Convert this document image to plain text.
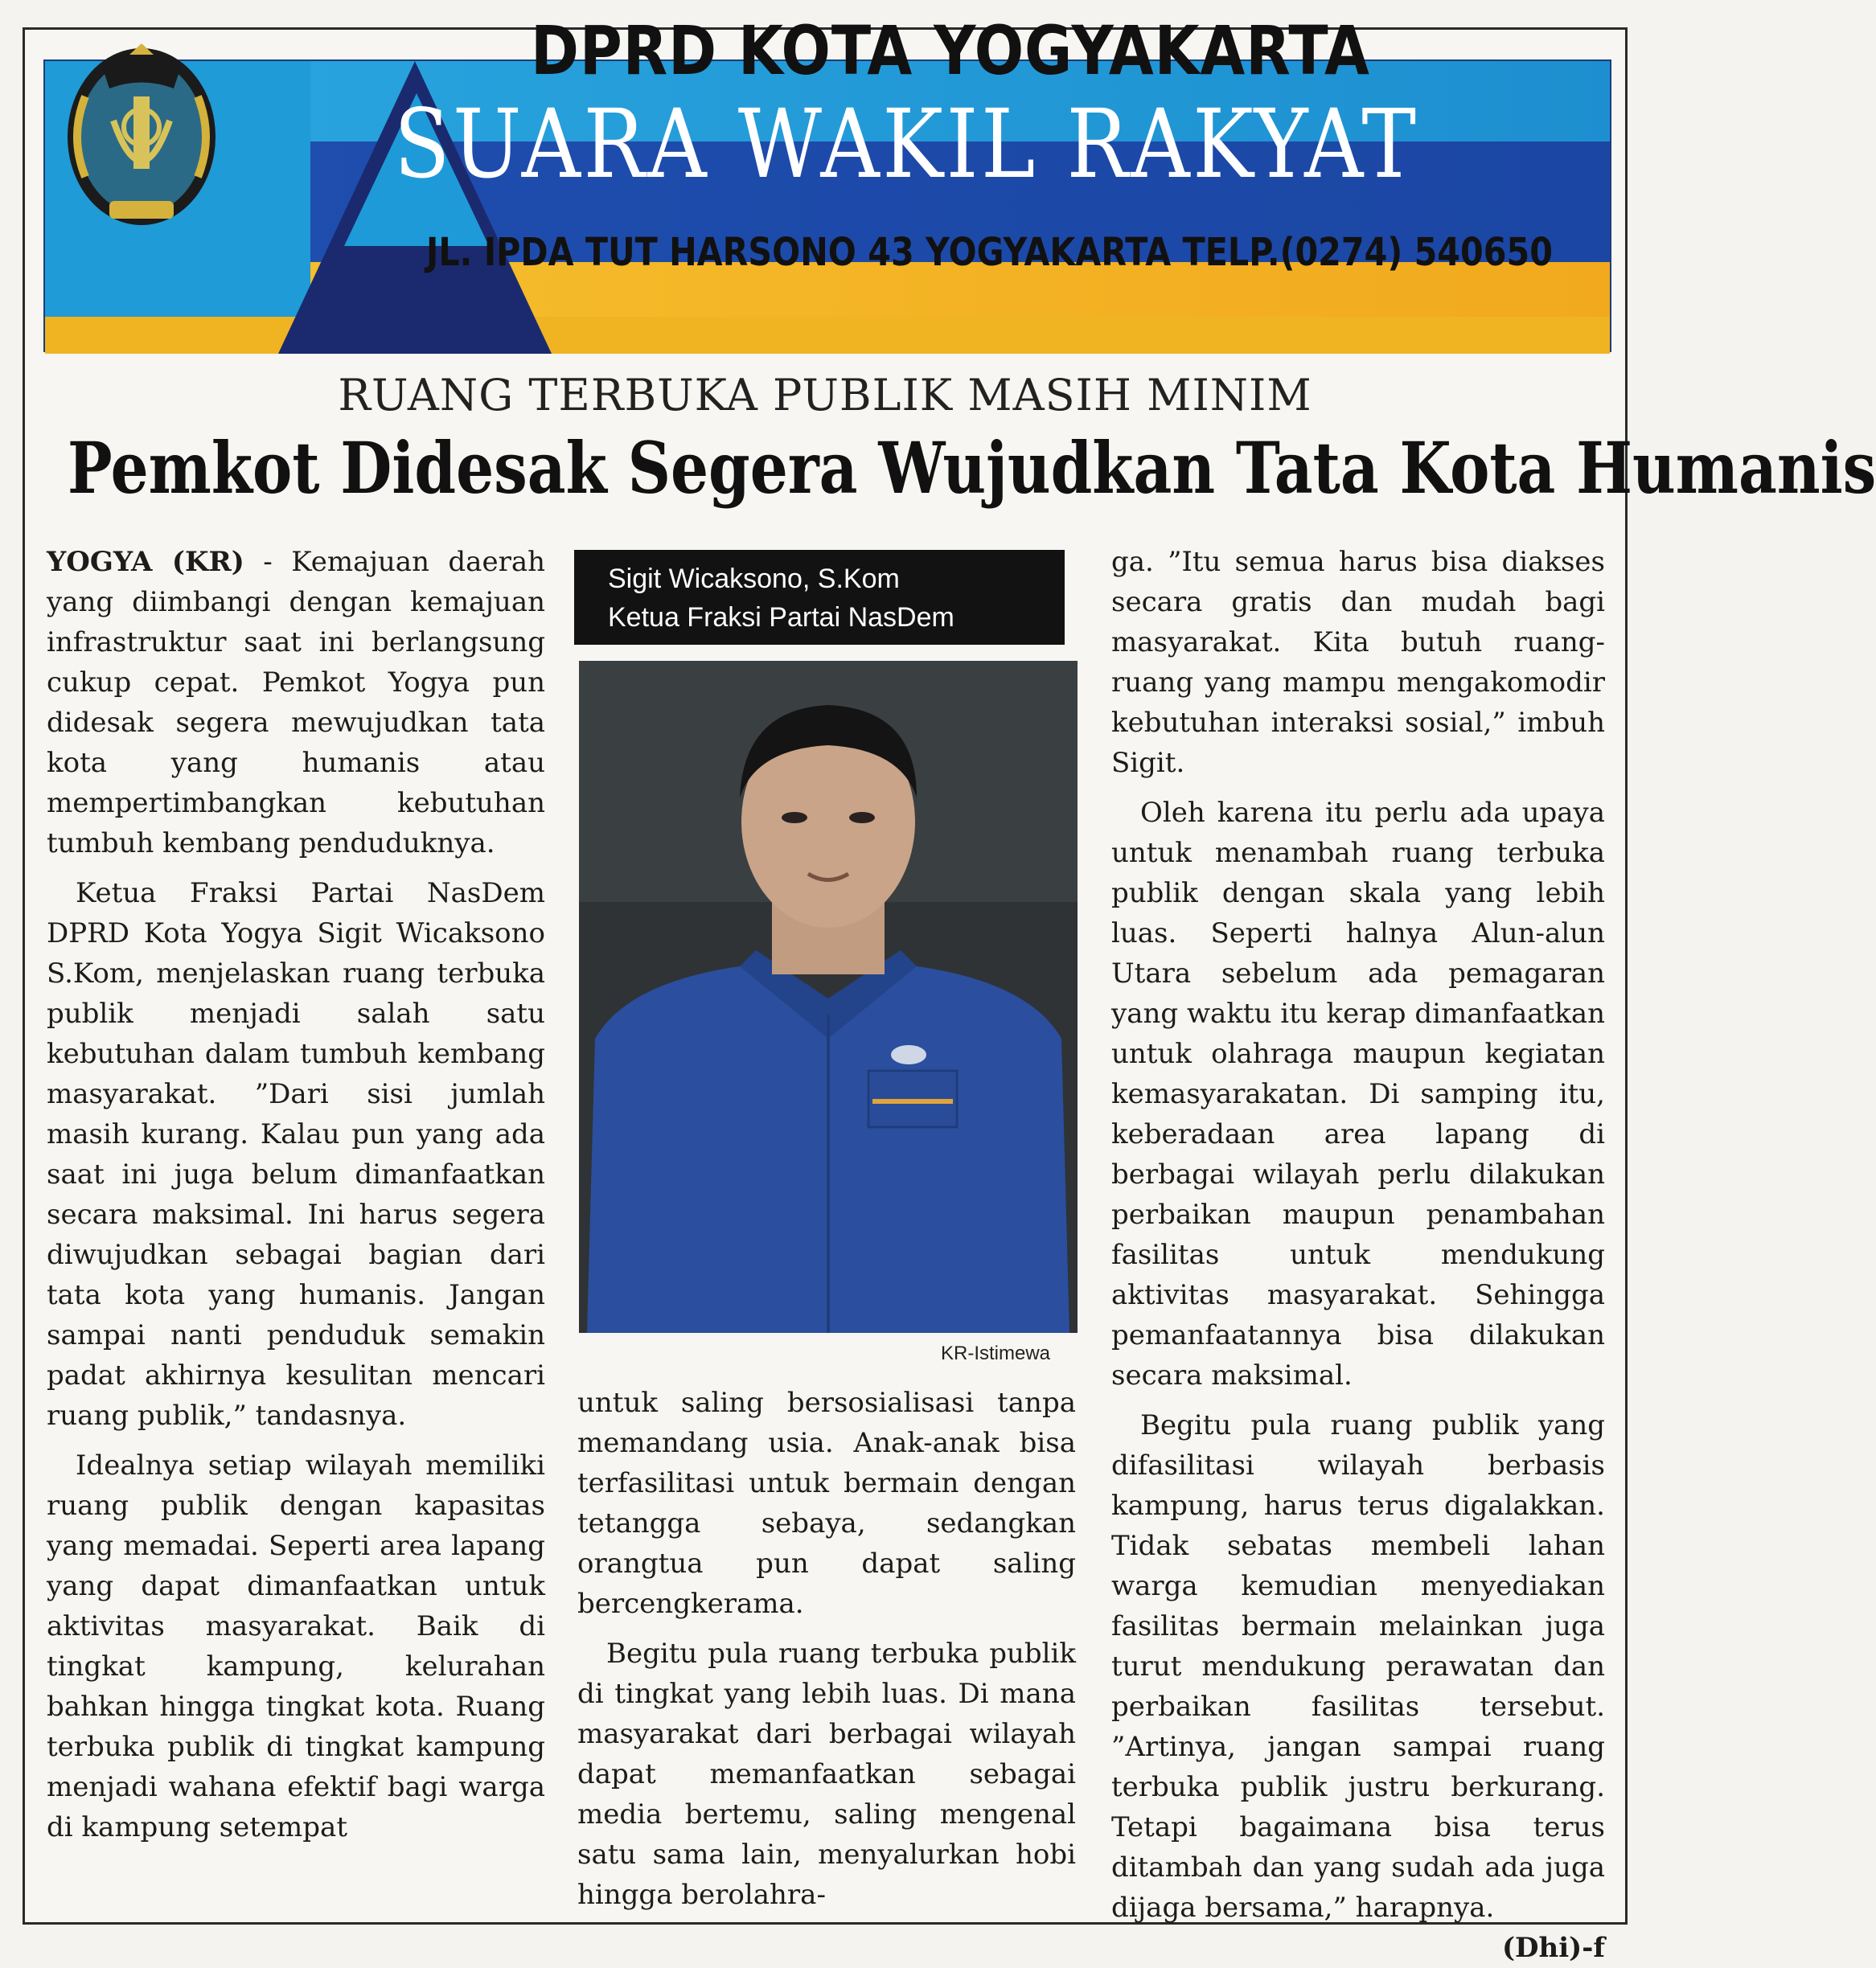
DPRD KOTA YOGYAKARTA
SUARA WAKIL RAKYAT
JL. IPDA TUT HARSONO 43 YOGYAKARTA TELP.(0274) 540650
RUANG TERBUKA PUBLIK MASIH MINIM
Pemkot Didesak Segera Wujudkan Tata Kota Humanis

YOGYA (KR) - Kemajuan daerah yang diimbangi dengan kemajuan infrastruktur saat ini berlangsung cukup cepat. Pemkot Yogya pun didesak segera mewujudkan tata kota yang humanis atau mempertimbangkan kebutuhan tumbuh kembang penduduknya.

Ketua Fraksi Partai NasDem DPRD Kota Yogya Sigit Wicaksono S.Kom, menjelaskan ruang terbuka publik menjadi salah satu kebutuhan dalam tumbuh kembang masyarakat. ”Dari sisi jumlah masih kurang. Kalau pun yang ada saat ini juga belum dimanfaatkan secara maksimal. Ini harus segera diwujudkan sebagai bagian dari tata kota yang humanis. Jangan sampai nanti penduduk semakin padat akhirnya kesulitan mencari ruang publik,” tandasnya.

Idealnya setiap wilayah memiliki ruang publik dengan kapasitas yang memadai. Seperti area lapang yang dapat dimanfaatkan untuk aktivitas masyarakat. Baik di tingkat kampung, kelurahan bahkan hingga tingkat kota. Ruang terbuka publik di tingkat kampung menjadi wahana efektif bagi warga di kampung setempat

Sigit Wicaksono, S.Kom
Ketua Fraksi Partai NasDem
KR-Istimewa

untuk saling bersosialisasi tanpa memandang usia. Anak-anak bisa terfasilitasi untuk bermain dengan tetangga sebaya, sedangkan orangtua pun dapat saling bercengkerama.

Begitu pula ruang terbuka publik di tingkat yang lebih luas. Di mana masyarakat dari berbagai wilayah dapat memanfaatkan sebagai media bertemu, saling mengenal satu sama lain, menyalurkan hobi hingga berolahra-

ga. ”Itu semua harus bisa diakses secara gratis dan mudah bagi masyarakat. Kita butuh ruang-ruang yang mampu mengakomodir kebutuhan interaksi sosial,” imbuh Sigit.

Oleh karena itu perlu ada upaya untuk menambah ruang terbuka publik dengan skala yang lebih luas. Seperti halnya Alun-alun Utara sebelum ada pemagaran yang waktu itu kerap dimanfaatkan untuk olahraga maupun kegiatan kemasyarakatan. Di samping itu, keberadaan area lapang di berbagai wilayah perlu dilakukan perbaikan maupun penambahan fasilitas untuk mendukung aktivitas masyarakat. Sehingga pemanfaatannya bisa dilakukan secara maksimal.

Begitu pula ruang publik yang difasilitasi wilayah berbasis kampung, harus terus digalakkan. Tidak sebatas membeli lahan warga kemudian menyediakan fasilitas bermain melainkan juga turut mendukung perawatan dan perbaikan fasilitas tersebut. ”Artinya, jangan sampai ruang terbuka publik justru berkurang. Tetapi bagaimana bisa terus ditambah dan yang sudah ada juga dijaga bersama,” harapnya.
(Dhi)-f
